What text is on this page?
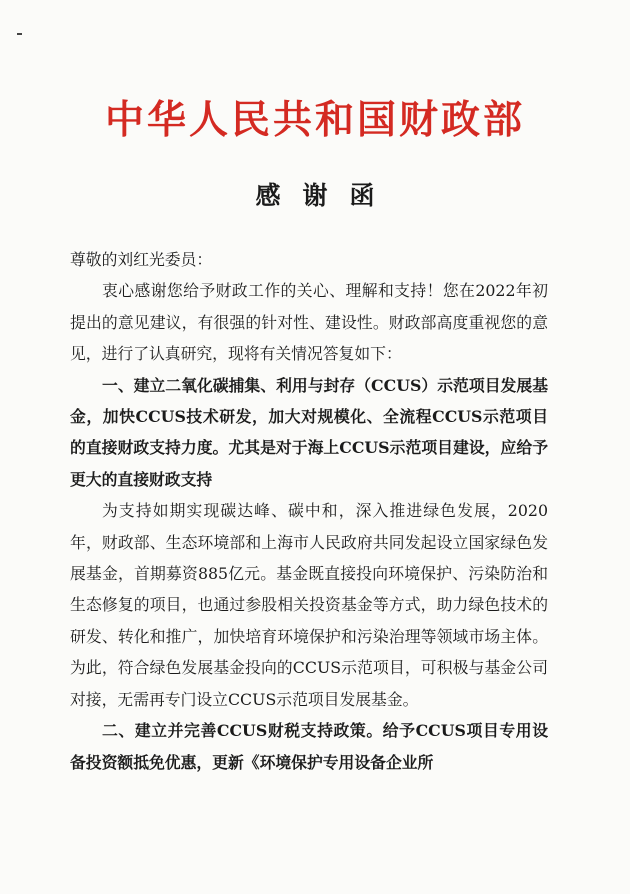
中华人民共和国财政部
感谢函

尊敬的刘红光委员：

衷心感谢您给予财政工作的关心、理解和支持！您在2022年初提出的意见建议，有很强的针对性、建设性。财政部高度重视您的意见，进行了认真研究，现将有关情况答复如下：

一、建立二氧化碳捕集、利用与封存（CCUS）示范项目发展基金，加快CCUS技术研发，加大对规模化、全流程CCUS示范项目的直接财政支持力度。尤其是对于海上CCUS示范项目建设，应给予更大的直接财政支持

为支持如期实现碳达峰、碳中和，深入推进绿色发展，2020年，财政部、生态环境部和上海市人民政府共同发起设立国家绿色发展基金，首期募资885亿元。基金既直接投向环境保护、污染防治和生态修复的项目，也通过参股相关投资基金等方式，助力绿色技术的研发、转化和推广，加快培育环境保护和污染治理等领域市场主体。为此，符合绿色发展基金投向的CCUS示范项目，可积极与基金公司对接，无需再专门设立CCUS示范项目发展基金。

二、建立并完善CCUS财税支持政策。给予CCUS项目专用设备投资额抵免优惠，更新《环境保护专用设备企业所
